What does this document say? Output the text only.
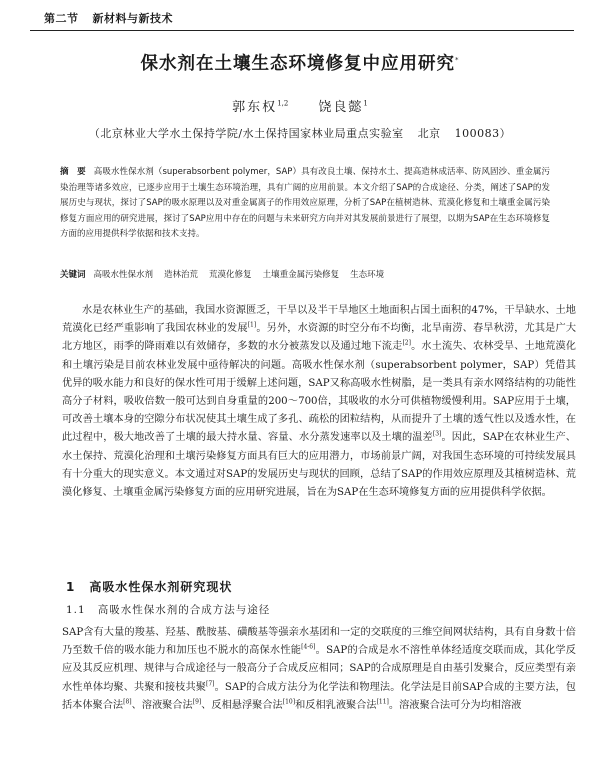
第二节 新材料与新技术
保水剂在土壤生态环境修复中应用研究*
郭东权$^{1,2}$ 饶良懿$^1$
（北京林业大学水土保持学院/水土保持国家林业局重点实验室 北京 100083）
摘　要 高吸水性保水剂（superabsorbent polymer，SAP）具有改良土壤、保持水土、提高造林成活率、防风固沙、重金属污染治理等诸多效应，已逐步应用于土壤生态环境治理，具有广阔的应用前景。本文介绍了SAP的合成途径、分类，阐述了SAP的发展历史与现状，探讨了SAP的吸水原理以及对重金属离子的作用效应原理，分析了SAP在植树造林、荒漠化修复和土壤重金属污染修复方面应用的研究进展，探讨了SAP应用中存在的问题与未来研究方向并对其发展前景进行了展望，以期为SAP在生态环境修复方面的应用提供科学依据和技术支持。
关键词 高吸水性保水剂 造林治荒 荒漠化修复 土壤重金属污染修复 生态环境
水是农林业生产的基础，我国水资源匮乏，干旱以及半干旱地区土地面积占国土面积的47%，干旱缺水、土地荒漠化已经严重影响了我国农林业的发展[1]。另外，水资源的时空分布不均衡，北旱南涝、春旱秋涝，尤其是广大北方地区，雨季的降雨难以有效储存，多数的水分被蒸发以及通过地下流走[2]。水土流失、农林受旱、土地荒漠化和土壤污染是目前农林业发展中亟待解决的问题。高吸水性保水剂（superabsorbent polymer，SAP）凭借其优异的吸水能力和良好的保水性可用于缓解上述问题，SAP又称高吸水性树脂，是一类具有亲水网络结构的功能性高分子材料，吸收倍数一般可达到自身重量的200～700倍，其吸收的水分可供植物缓慢利用。SAP应用于土壤，可改善土壤本身的空隙分布状况使其土壤生成了多孔、疏松的团粒结构，从而提升了土壤的透气性以及透水性，在此过程中，极大地改善了土壤的最大持水量、容量、水分蒸发速率以及土壤的温差[3]。因此，SAP在农林业生产、水土保持、荒漠化治理和土壤污染修复方面具有巨大的应用潜力，市场前景广阔，对我国生态环境的可持续发展具有十分重大的现实意义。本文通过对SAP的发展历史与现状的回顾，总结了SAP的作用效应原理及其植树造林、荒漠化修复、土壤重金属污染修复方面的应用研究进展，旨在为SAP在生态环境修复方面的应用提供科学依据。
1 高吸水性保水剂研究现状
1.1 高吸水性保水剂的合成方法与途径
SAP含有大量的羧基、羟基、酰胺基、磺酸基等强亲水基团和一定的交联度的三维空间网状结构，具有自身数十倍乃至数千倍的吸水能力和加压也不脱水的高保水性能[4-6]。SAP的合成是水不溶性单体经适度交联而成，其化学反应及其反应机理、规律与合成途径与一般高分子合成反应相同；SAP的合成原理是自由基引发聚合，反应类型有亲水性单体均聚、共聚和接枝共聚[7]。SAP的合成方法分为化学法和物理法。化学法是目前SAP合成的主要方法，包括本体聚合法[8]、溶液聚合法[9]、反相悬浮聚合法[10]和反相乳液聚合法[11]。溶液聚合法可分为均相溶液
